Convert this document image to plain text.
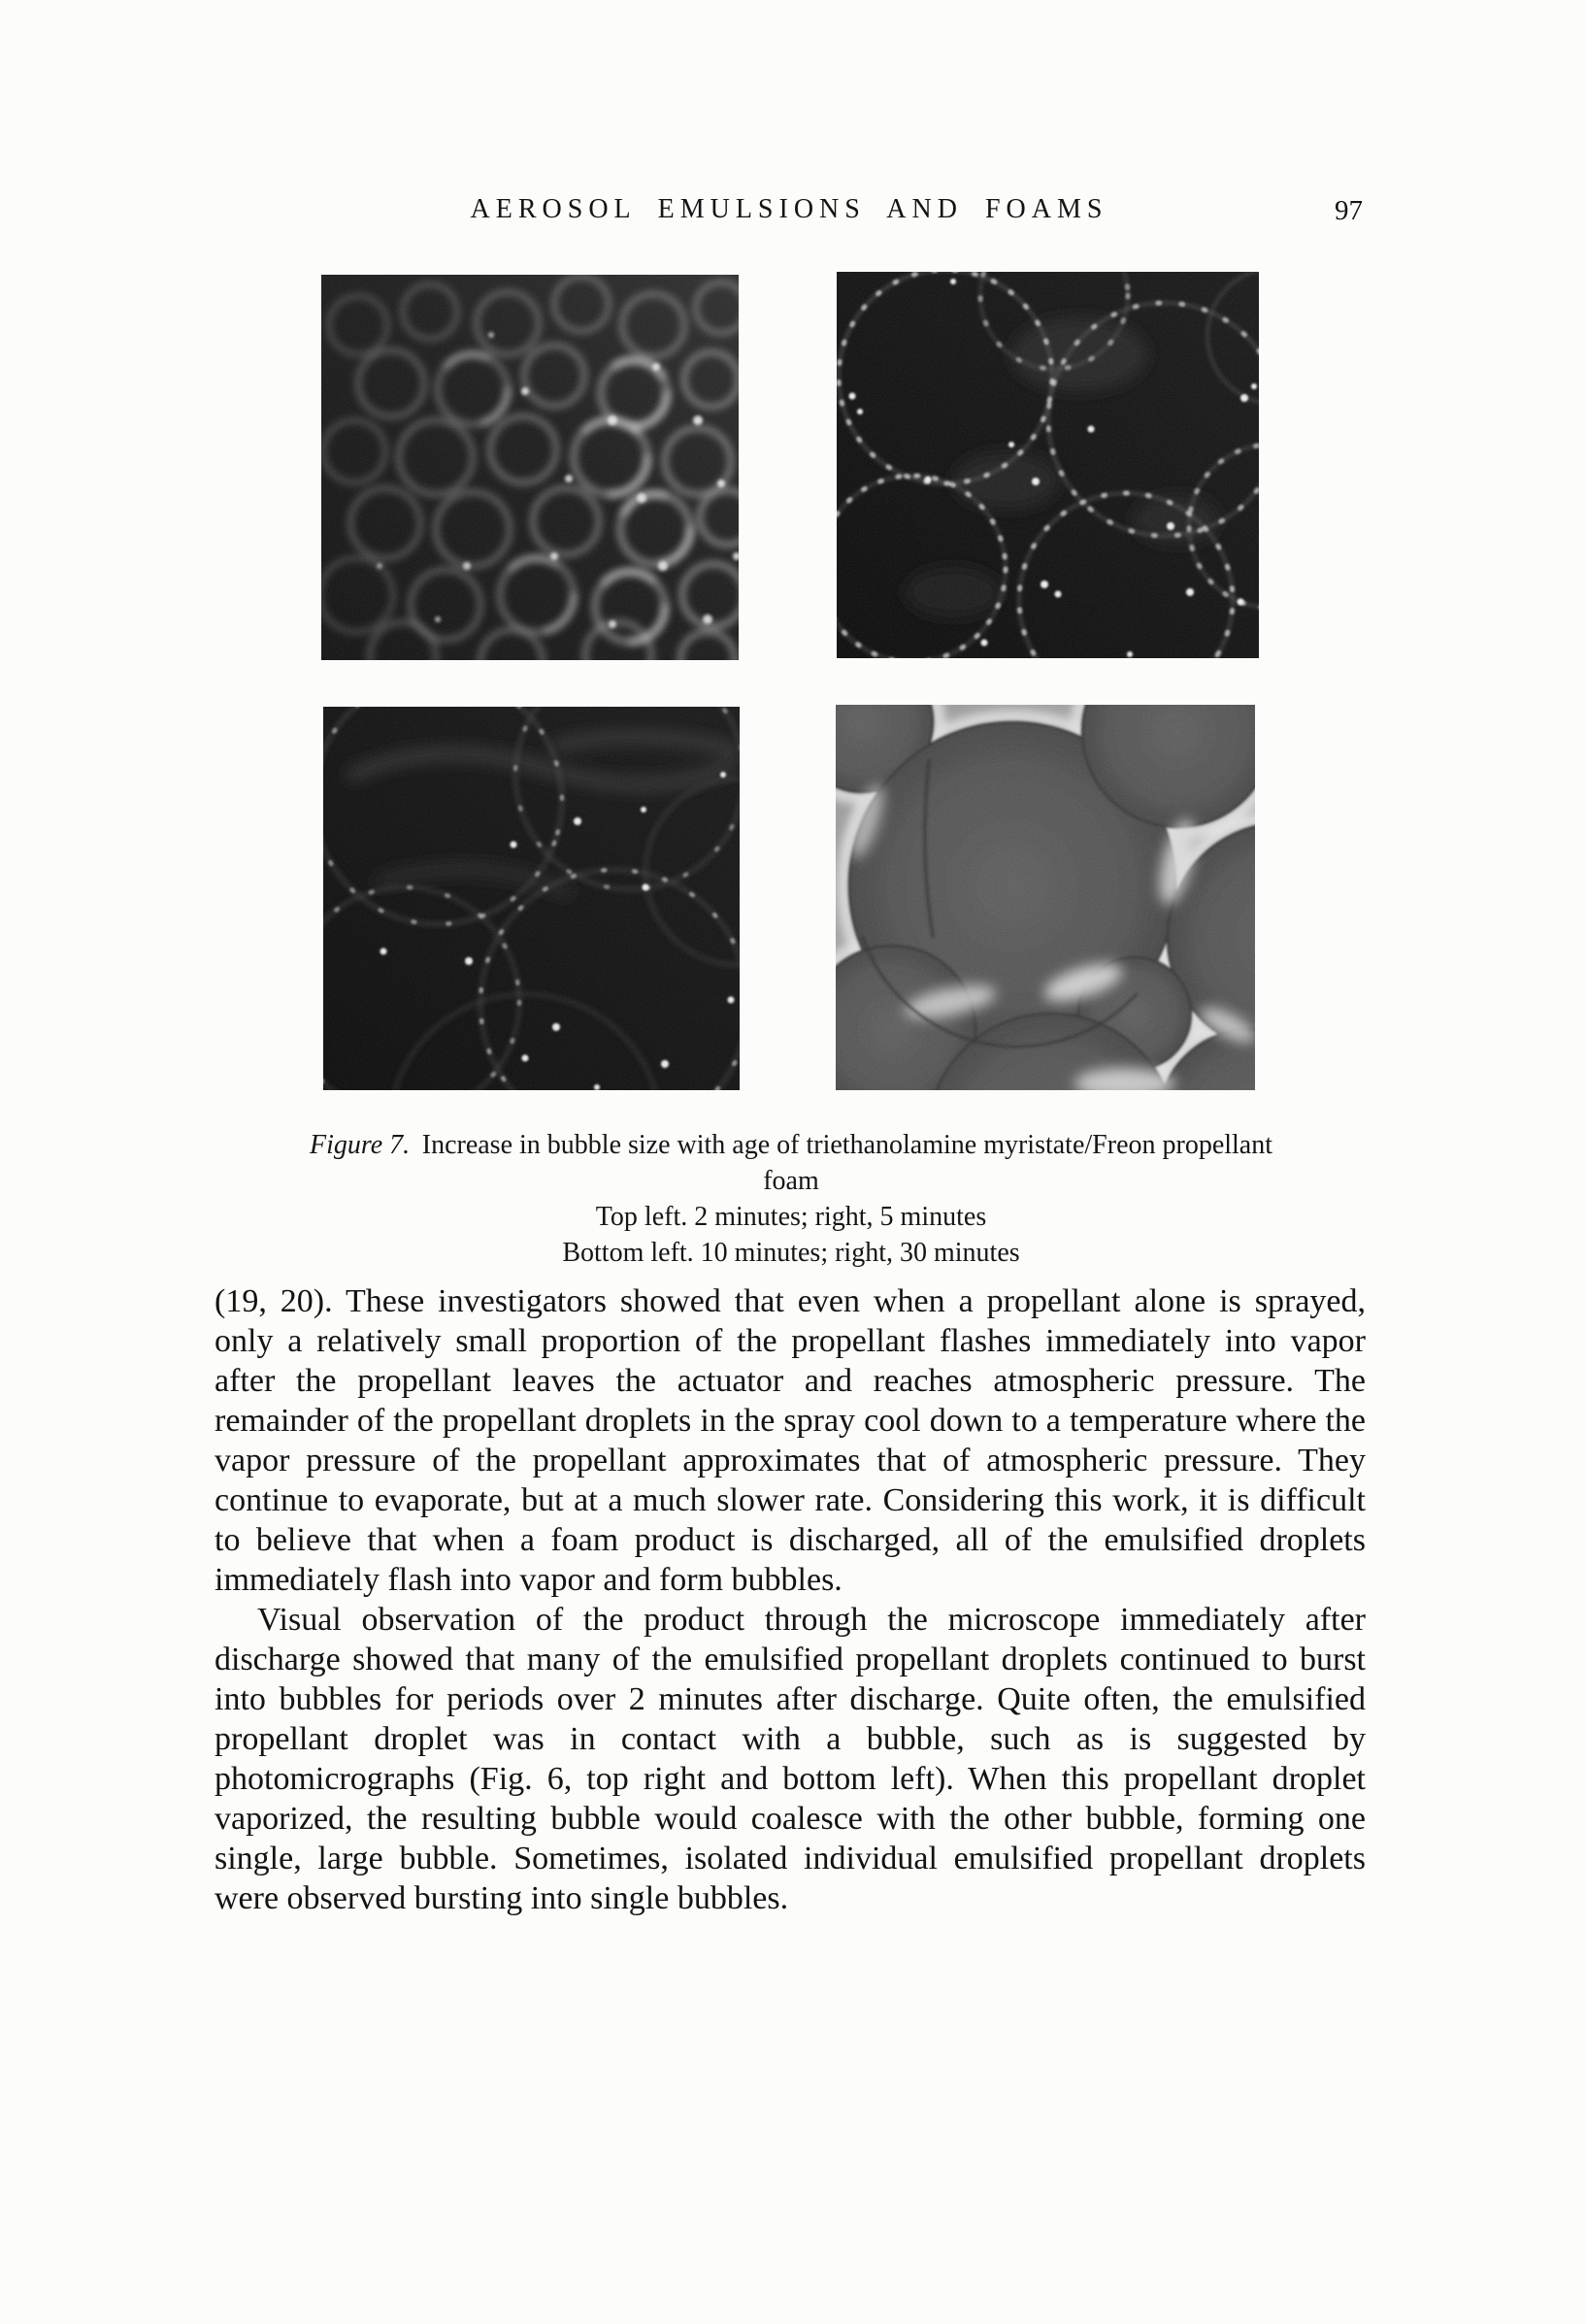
AEROSOL EMULSIONS AND FOAMS	97
Figure 7. Increase in bubble size with age of triethanolamine myristate/Freon propellant
foam
Top left. 2 minutes; right, 5 minutes
Bottom left. 10 minutes; right, 30 minutes

(19, 20). These investigators showed that even when a propellant alone is sprayed, only a relatively small proportion of the propellant flashes immediately into vapor after the propellant leaves the actuator and reaches atmospheric pressure. The remainder of the propellant droplets in the spray cool down to a temperature where the vapor pressure of the propellant approximates that of atmospheric pressure. They continue to evaporate, but at a much slower rate. Considering this work, it is difficult to believe that when a foam product is discharged, all of the emulsified droplets immediately flash into vapor and form bubbles.

Visual observation of the product through the microscope immediately after discharge showed that many of the emulsified propellant droplets continued to burst into bubbles for periods over 2 minutes after discharge. Quite often, the emulsified propellant droplet was in contact with a bubble, such as is suggested by photomicrographs (Fig. 6, top right and bottom left). When this propellant droplet vaporized, the resulting bubble would coalesce with the other bubble, forming one single, large bubble. Sometimes, isolated individual emulsified propellant droplets were observed bursting into single bubbles.
